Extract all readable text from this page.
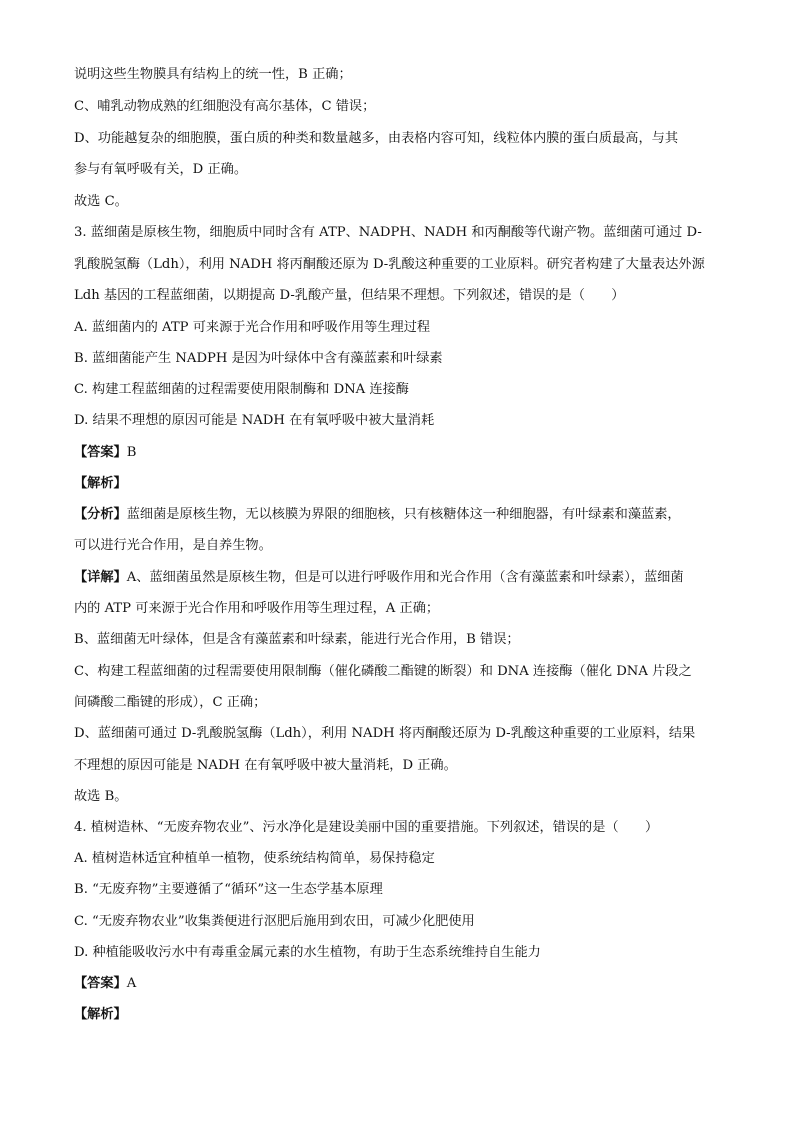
说明这些生物膜具有结构上的统一性，B 正确；
C、哺乳动物成熟的红细胞没有高尔基体，C 错误；
D、功能越复杂的细胞膜，蛋白质的种类和数量越多，由表格内容可知，线粒体内膜的蛋白质最高，与其
参与有氧呼吸有关，D 正确。
故选 C。
3. 蓝细菌是原核生物，细胞质中同时含有 ATP、NADPH、NADH 和丙酮酸等代谢产物。蓝细菌可通过 D-
乳酸脱氢酶（Ldh），利用 NADH 将丙酮酸还原为 D-乳酸这种重要的工业原料。研究者构建了大量表达外源
Ldh 基因的工程蓝细菌，以期提高 D-乳酸产量，但结果不理想。下列叙述，错误的是（　　）
A. 蓝细菌内的 ATP 可来源于光合作用和呼吸作用等生理过程
B. 蓝细菌能产生 NADPH 是因为叶绿体中含有藻蓝素和叶绿素
C. 构建工程蓝细菌的过程需要使用限制酶和 DNA 连接酶
D. 结果不理想的原因可能是 NADH 在有氧呼吸中被大量消耗
【答案】B
【解析】
【分析】蓝细菌是原核生物，无以核膜为界限的细胞核，只有核糖体这一种细胞器，有叶绿素和藻蓝素，
可以进行光合作用，是自养生物。
【详解】A、蓝细菌虽然是原核生物，但是可以进行呼吸作用和光合作用（含有藻蓝素和叶绿素），蓝细菌
内的 ATP 可来源于光合作用和呼吸作用等生理过程，A 正确；
B、蓝细菌无叶绿体，但是含有藻蓝素和叶绿素，能进行光合作用，B 错误；
C、构建工程蓝细菌的过程需要使用限制酶（催化磷酸二酯键的断裂）和 DNA 连接酶（催化 DNA 片段之
间磷酸二酯键的形成），C 正确；
D、蓝细菌可通过 D-乳酸脱氢酶（Ldh），利用 NADH 将丙酮酸还原为 D-乳酸这种重要的工业原料，结果
不理想的原因可能是 NADH 在有氧呼吸中被大量消耗，D 正确。
故选 B。
4. 植树造林、“无废弃物农业”、污水净化是建设美丽中国的重要措施。下列叙述，错误的是（　　）
A. 植树造林适宜种植单一植物，使系统结构简单，易保持稳定
B. “无废弃物”主要遵循了“循环”这一生态学基本原理
C. “无废弃物农业”收集粪便进行沤肥后施用到农田，可减少化肥使用
D. 种植能吸收污水中有毒重金属元素的水生植物，有助于生态系统维持自生能力
【答案】A
【解析】
